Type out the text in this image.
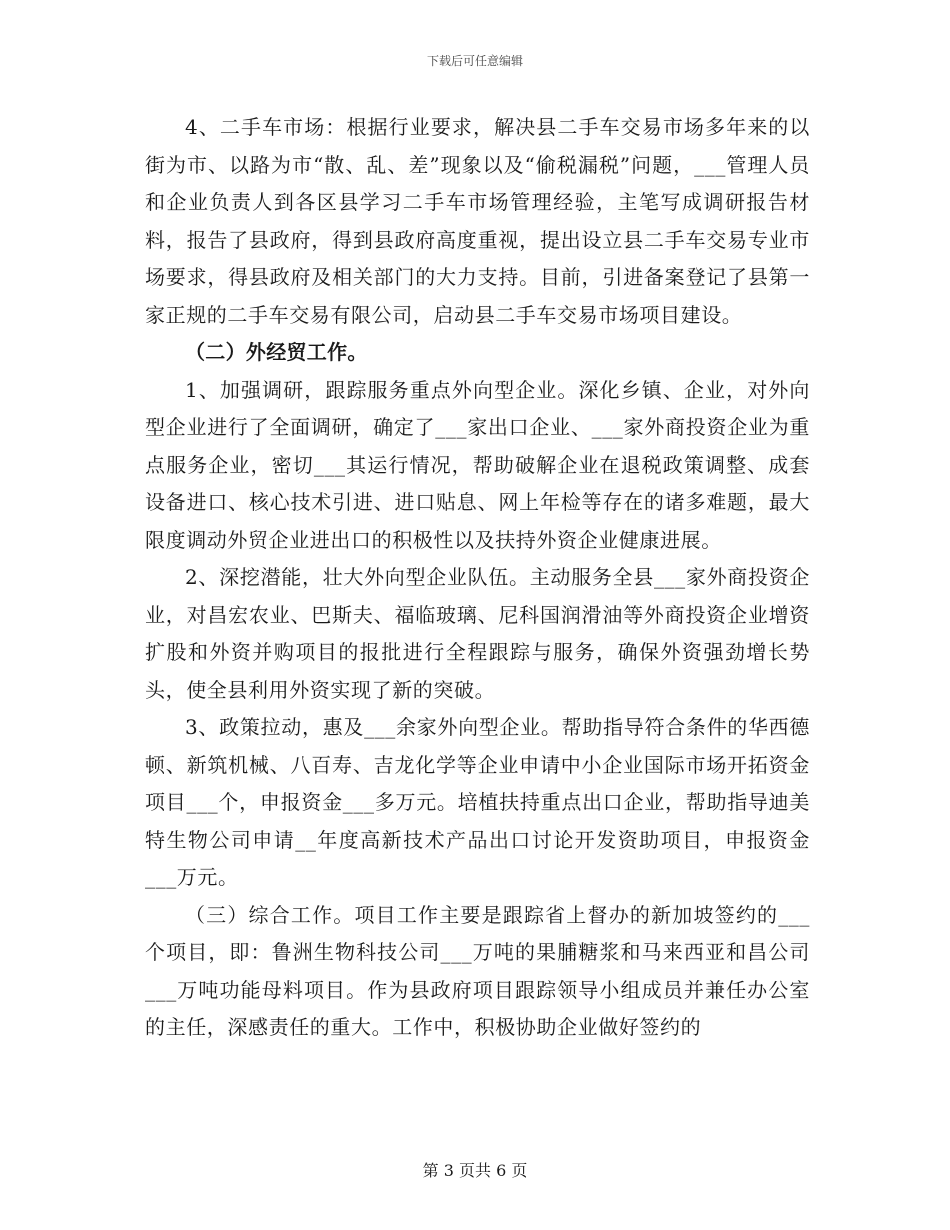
下载后可任意编辑

4、二手车市场：根据行业要求，解决县二手车交易市场多年来的以街为市、以路为市“散、乱、差”现象以及“偷税漏税”问题，___管理人员和企业负责人到各区县学习二手车市场管理经验，主笔写成调研报告材料，报告了县政府，得到县政府高度重视，提出设立县二手车交易专业市场要求，得县政府及相关部门的大力支持。目前，引进备案登记了县第一家正规的二手车交易有限公司，启动县二手车交易市场项目建设。

（二）外经贸工作。

1、加强调研，跟踪服务重点外向型企业。深化乡镇、企业，对外向型企业进行了全面调研，确定了___家出口企业、___家外商投资企业为重点服务企业，密切___其运行情况，帮助破解企业在退税政策调整、成套设备进口、核心技术引进、进口贴息、网上年检等存在的诸多难题，最大限度调动外贸企业进出口的积极性以及扶持外资企业健康进展。

2、深挖潜能，壮大外向型企业队伍。主动服务全县___家外商投资企业，对昌宏农业、巴斯夫、福临玻璃、尼科国润滑油等外商投资企业增资扩股和外资并购项目的报批进行全程跟踪与服务，确保外资强劲增长势头，使全县利用外资实现了新的突破。

3、政策拉动，惠及___余家外向型企业。帮助指导符合条件的华西德顿、新筑机械、八百寿、吉龙化学等企业申请中小企业国际市场开拓资金项目___个，申报资金___多万元。培植扶持重点出口企业，帮助指导迪美特生物公司申请__年度高新技术产品出口讨论开发资助项目，申报资金___万元。

（三）综合工作。项目工作主要是跟踪省上督办的新加坡签约的___个项目，即：鲁洲生物科技公司___万吨的果脯糖浆和马来西亚和昌公司___万吨功能母料项目。作为县政府项目跟踪领导小组成员并兼任办公室的主任，深感责任的重大。工作中，积极协助企业做好签约的

第 3 页共 6 页
